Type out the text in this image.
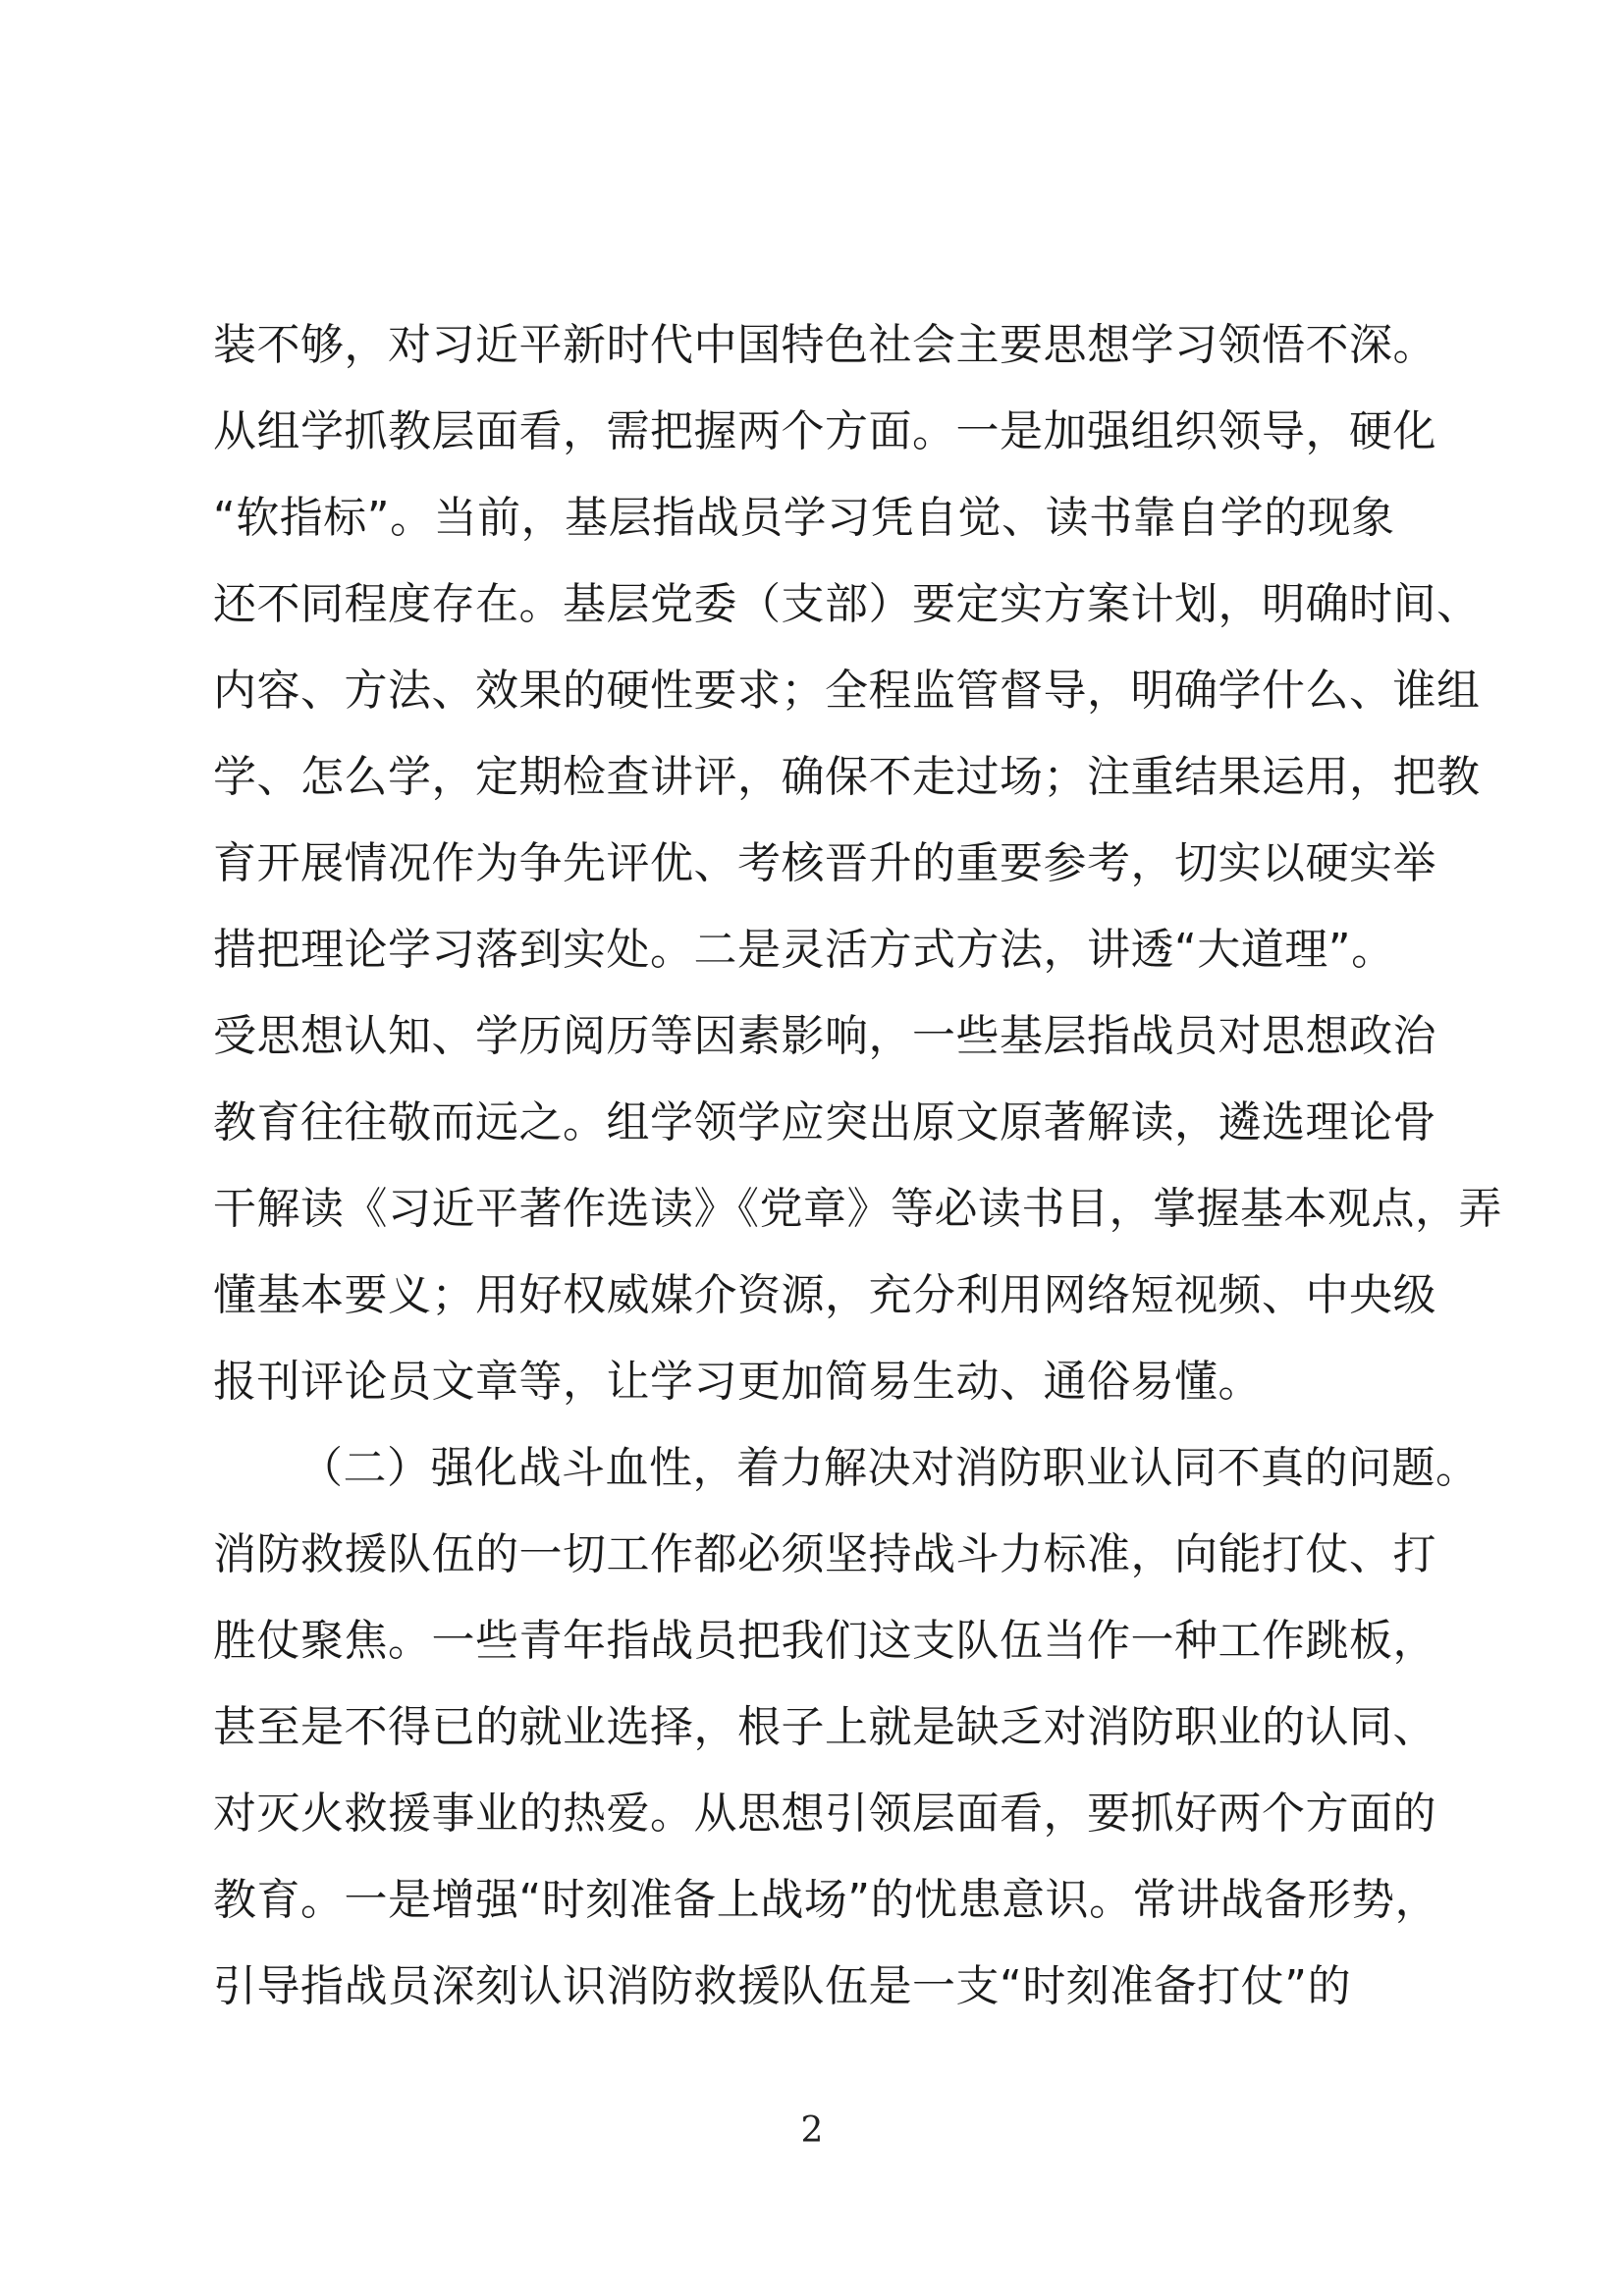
装不够，对习近平新时代中国特色社会主要思想学习领悟不深。
从组学抓教层面看，需把握两个方面。一是加强组织领导，硬化
“软指标”。当前，基层指战员学习凭自觉、读书靠自学的现象
还不同程度存在。基层党委（支部）要定实方案计划，明确时间、
内容、方法、效果的硬性要求；全程监管督导，明确学什么、谁组
学、怎么学，定期检查讲评，确保不走过场；注重结果运用，把教
育开展情况作为争先评优、考核晋升的重要参考，切实以硬实举
措把理论学习落到实处。二是灵活方式方法，讲透“大道理”。
受思想认知、学历阅历等因素影响，一些基层指战员对思想政治
教育往往敬而远之。组学领学应突出原文原著解读，遴选理论骨
干解读《习近平著作选读》《党章》等必读书目，掌握基本观点，弄
懂基本要义；用好权威媒介资源，充分利用网络短视频、中央级
报刊评论员文章等，让学习更加简易生动、通俗易懂。
（二）强化战斗血性，着力解决对消防职业认同不真的问题。
消防救援队伍的一切工作都必须坚持战斗力标准，向能打仗、打
胜仗聚焦。一些青年指战员把我们这支队伍当作一种工作跳板，
甚至是不得已的就业选择，根子上就是缺乏对消防职业的认同、
对灭火救援事业的热爱。从思想引领层面看，要抓好两个方面的
教育。一是增强“时刻准备上战场”的忧患意识。常讲战备形势，
引导指战员深刻认识消防救援队伍是一支“时刻准备打仗”的
2
